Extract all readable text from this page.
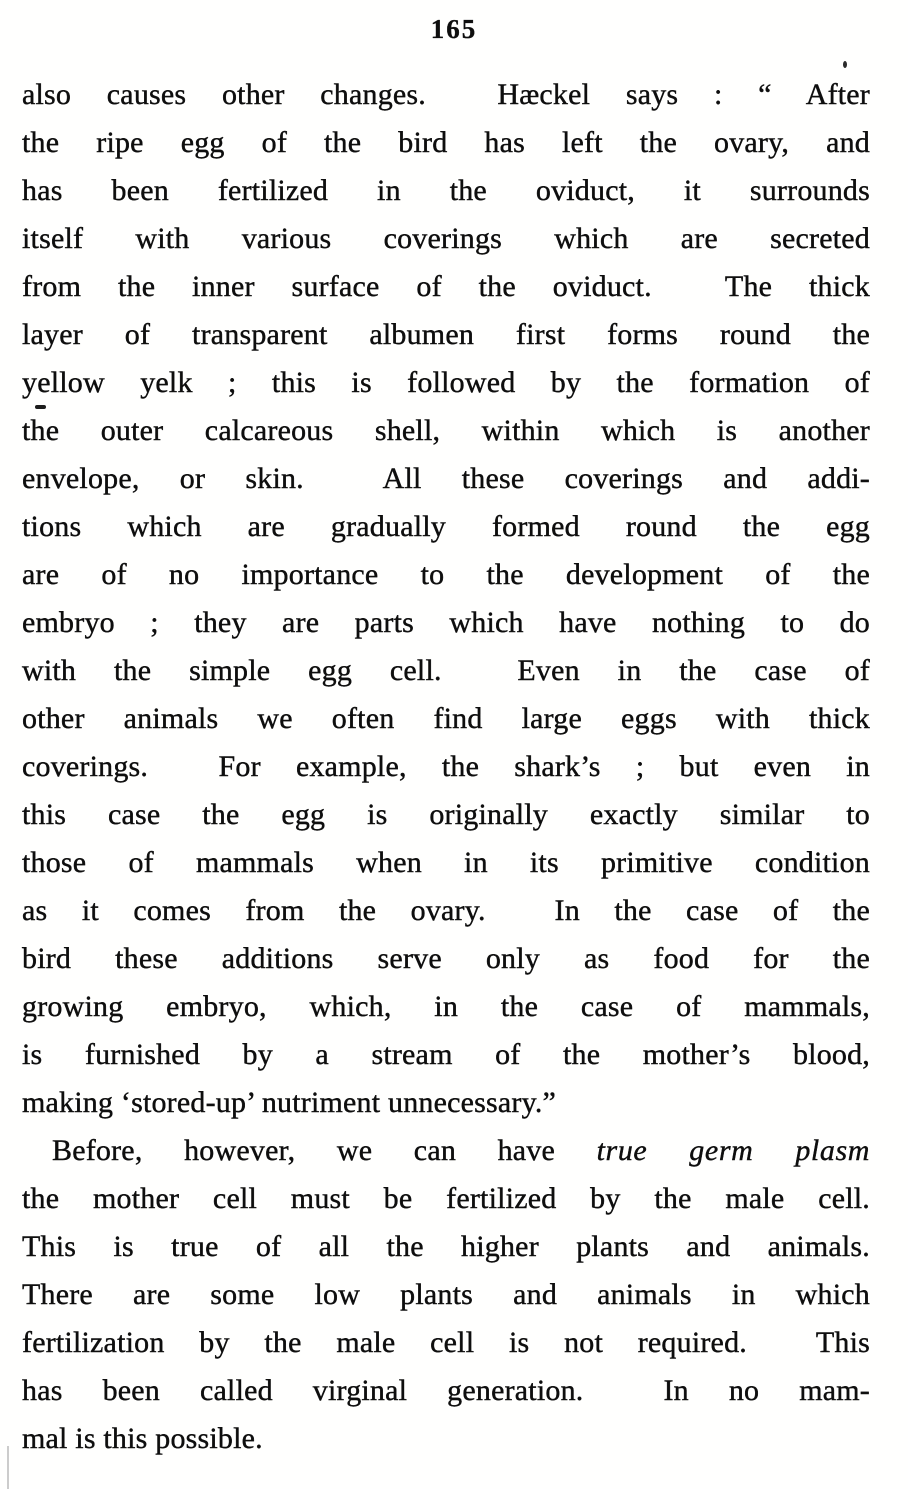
165
also causes other changes.  Hæckel says : “ After
the ripe egg of the bird has left the ovary, and
has been fertilized in the oviduct, it surrounds
itself with various coverings which are secreted
from the inner surface of the oviduct.  The thick
layer of transparent albumen first forms round the
yellow yelk ; this is followed by the formation of
the outer calcareous shell, within which is another
envelope, or skin.  All these coverings and addi-
tions which are gradually formed round the egg
are of no importance to the development of the
embryo ; they are parts which have nothing to do
with the simple egg cell.  Even in the case of
other animals we often find large eggs with thick
coverings.  For example, the shark’s ; but even in
this case the egg is originally exactly similar to
those of mammals when in its primitive condition
as it comes from the ovary.  In the case of the
bird these additions serve only as food for the
growing embryo, which, in the case of mammals,
is furnished by a stream of the mother’s blood,
making ‘stored-up’ nutriment unnecessary.”
Before, however, we can have true germ plasm
the mother cell must be fertilized by the male cell.
This is true of all the higher plants and animals.
There are some low plants and animals in which
fertilization by the male cell is not required.  This
has been called virginal generation.  In no mam-
mal is this possible.
